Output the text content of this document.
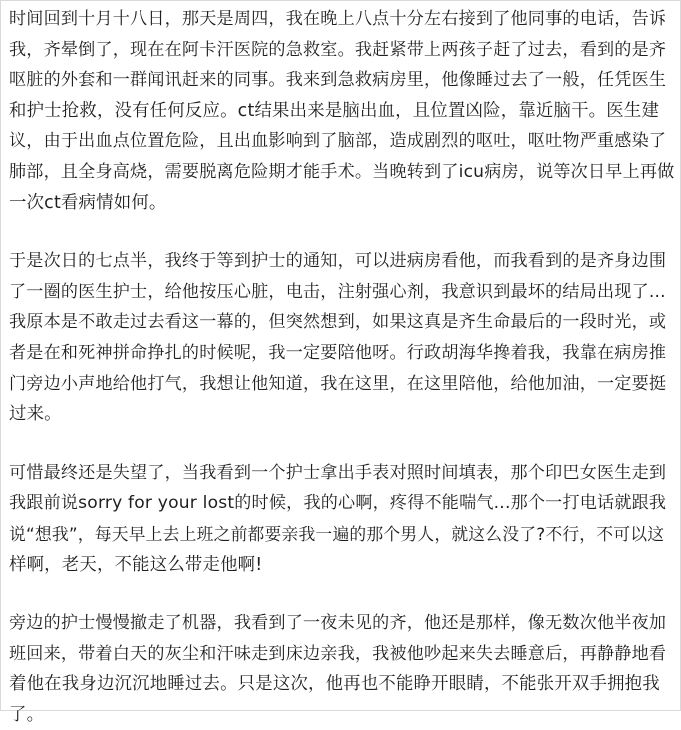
时间回到十月十八日，那天是周四，我在晚上八点十分左右接到了他同事的电话，告诉
我，齐晕倒了，现在在阿卡汗医院的急救室。我赶紧带上两孩子赶了过去，看到的是齐
呕脏的外套和一群闻讯赶来的同事。我来到急救病房里，他像睡过去了一般，任凭医生
和护士抢救，没有任何反应。ct结果出来是脑出血，且位置凶险，靠近脑干。医生建
议，由于出血点位置危险，且出血影响到了脑部，造成剧烈的呕吐，呕吐物严重感染了
肺部，且全身高烧，需要脱离危险期才能手术。当晚转到了icu病房，说等次日早上再做
一次ct看病情如何。
于是次日的七点半，我终于等到护士的通知，可以进病房看他，而我看到的是齐身边围
了一圈的医生护士，给他按压心脏，电击，注射强心剂，我意识到最坏的结局出现了...
我原本是不敢走过去看这一幕的，但突然想到，如果这真是齐生命最后的一段时光，或
者是在和死神拼命挣扎的时候呢，我一定要陪他呀。行政胡海华搀着我，我靠在病房推
门旁边小声地给他打气，我想让他知道，我在这里，在这里陪他，给他加油，一定要挺
过来。
可惜最终还是失望了，当我看到一个护士拿出手表对照时间填表，那个印巴女医生走到
我跟前说sorry for your lost的时候，我的心啊，疼得不能喘气...那个一打电话就跟我
说“想我”，每天早上去上班之前都要亲我一遍的那个男人，就这么没了?不行，不可以这
样啊，老天，不能这么带走他啊!
旁边的护士慢慢撤走了机器，我看到了一夜未见的齐，他还是那样，像无数次他半夜加
班回来，带着白天的灰尘和汗味走到床边亲我，我被他吵起来失去睡意后，再静静地看
着他在我身边沉沉地睡过去。只是这次，他再也不能睁开眼睛，不能张开双手拥抱我
了。
